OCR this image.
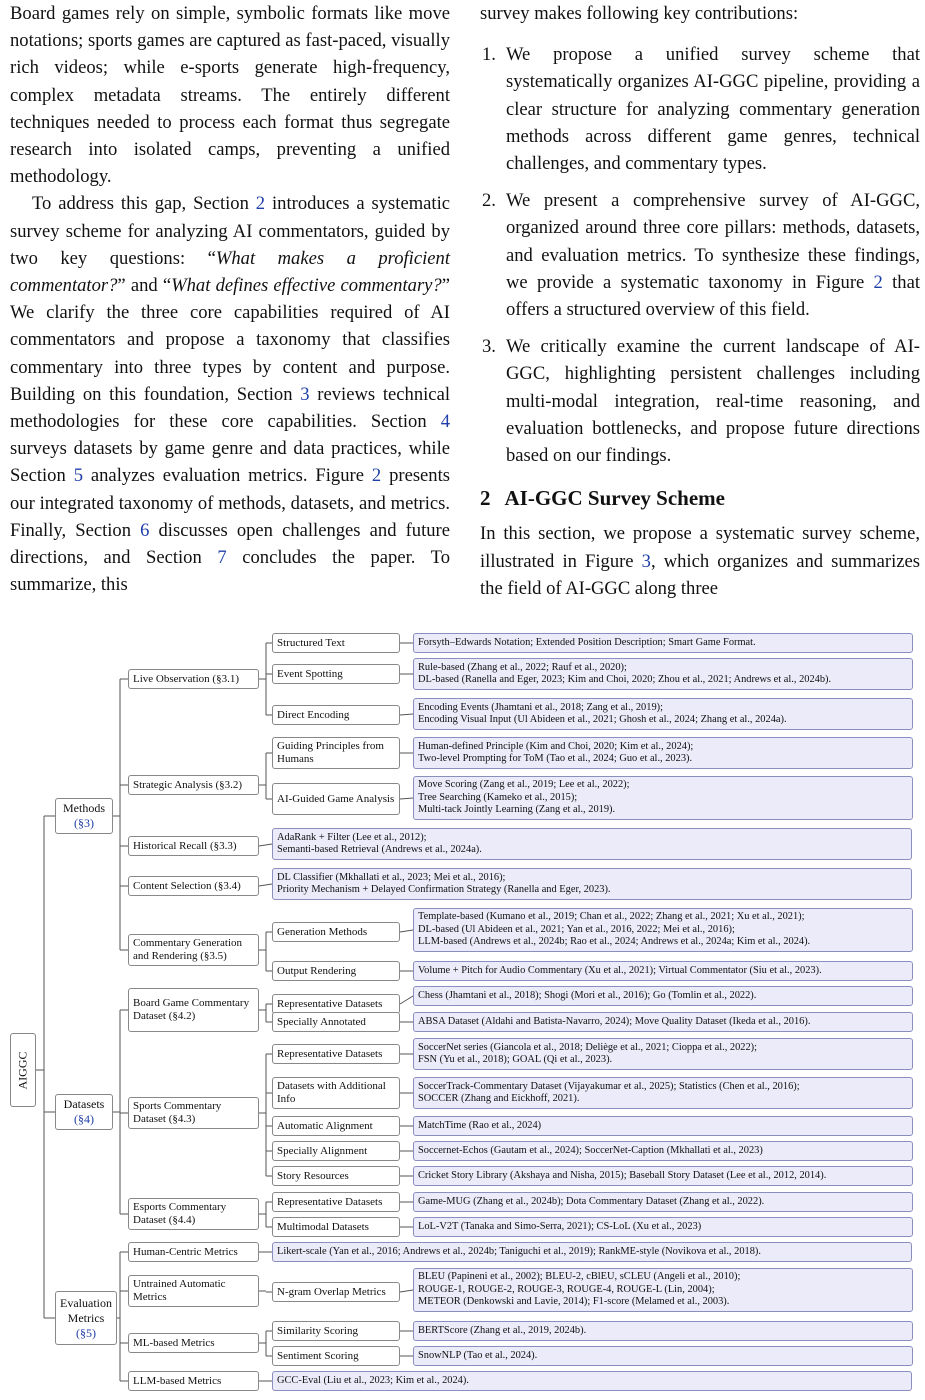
Board games rely on simple, symbolic formats like move notations; sports games are captured as fast-paced, visually rich videos; while e-sports generate high-frequency, complex metadata streams. The entirely different techniques needed to process each format thus segregate research into isolated camps, preventing a unified methodology.

To address this gap, Section 2 introduces a systematic survey scheme for analyzing AI commentators, guided by two key questions: “What makes a proficient commentator?” and “What defines effective commentary?” We clarify the three core capabilities required of AI commentators and propose a taxonomy that classifies commentary into three types by content and purpose. Building on this foundation, Section 3 reviews technical methodologies for these core capabilities. Section 4 surveys datasets by game genre and data practices, while Section 5 analyzes evaluation metrics. Figure 2 presents our integrated taxonomy of methods, datasets, and metrics. Finally, Section 6 discusses open challenges and future directions, and Section 7 concludes the paper. To summarize, this

survey makes following key contributions:

1. We propose a unified survey scheme that systematically organizes AI-GGC pipeline, providing a clear structure for analyzing commentary generation methods across different game genres, technical challenges, and commentary types.
2. We present a comprehensive survey of AI-GGC, organized around three core pillars: methods, datasets, and evaluation metrics. To synthesize these findings, we provide a systematic taxonomy in Figure 2 that offers a structured overview of this field.
3. We critically examine the current landscape of AI-GGC, highlighting persistent challenges including multi-modal integration, real-time reasoning, and evaluation bottlenecks, and propose future directions based on our findings.
2 AI-GGC Survey Scheme

In this section, we propose a systematic survey scheme, illustrated in Figure 3, which organizes and summarizes the field of AI-GGC along three

AIGGC
Methods
(§3)
Datasets
(§4)
Evaluation
Metrics
(§5)
Live Observation (§3.1)
Strategic Analysis (§3.2)
Historical Recall (§3.3)
Content Selection (§3.4)
Commentary Generation and Rendering (§3.5)
Board Game Commentary Dataset (§4.2)
Sports Commentary Dataset (§4.3)
Esports Commentary Dataset (§4.4)
Human-Centric Metrics
Untrained Automatic Metrics
ML-based Metrics
LLM-based Metrics
Structured Text
Event Spotting
Direct Encoding
Guiding Principles from Humans
AI-Guided Game Analysis
Generation Methods
Output Rendering
Representative Datasets
Specially Annotated
Representative Datasets
Datasets with Additional Info
Automatic Alignment
Specially Alignment
Story Resources
Representative Datasets
Multimodal Datasets
N-gram Overlap Metrics
Similarity Scoring
Sentiment Scoring
Forsyth–Edwards Notation; Extended Position Description; Smart Game Format.
Rule-based (Zhang et al., 2022; Rauf et al., 2020);
DL-based (Ranella and Eger, 2023; Kim and Choi, 2020; Zhou et al., 2021; Andrews et al., 2024b).
Encoding Events (Jhamtani et al., 2018; Zang et al., 2019);
Encoding Visual Input (Ul Abideen et al., 2021; Ghosh et al., 2024; Zhang et al., 2024a).
Human-defined Principle (Kim and Choi, 2020; Kim et al., 2024);
Two-level Prompting for ToM (Tao et al., 2024; Guo et al., 2023).
Move Scoring (Zang et al., 2019; Lee et al., 2022);
Tree Searching (Kameko et al., 2015);
Multi-tack Jointly Learning (Zang et al., 2019).
AdaRank + Filter (Lee et al., 2012);
Semanti-based Retrieval (Andrews et al., 2024a).
DL Classifier (Mkhallati et al., 2023; Mei et al., 2016);
Priority Mechanism + Delayed Confirmation Strategy (Ranella and Eger, 2023).
Template-based (Kumano et al., 2019; Chan et al., 2022; Zhang et al., 2021; Xu et al., 2021);
DL-based (Ul Abideen et al., 2021; Yan et al., 2016, 2022; Mei et al., 2016);
LLM-based (Andrews et al., 2024b; Rao et al., 2024; Andrews et al., 2024a; Kim et al., 2024).
Volume + Pitch for Audio Commentary (Xu et al., 2021); Virtual Commentator (Siu et al., 2023).
Chess (Jhamtani et al., 2018); Shogi (Mori et al., 2016); Go (Tomlin et al., 2022).
ABSA Dataset (Aldahi and Batista-Navarro, 2024); Move Quality Dataset (Ikeda et al., 2016).
SoccerNet series (Giancola et al., 2018; Deliège et al., 2021; Cioppa et al., 2022);
FSN (Yu et al., 2018); GOAL (Qi et al., 2023).
SoccerTrack-Commentary Dataset (Vijayakumar et al., 2025); Statistics (Chen et al., 2016);
SOCCER (Zhang and Eickhoff, 2021).
MatchTime (Rao et al., 2024)
Soccernet-Echos (Gautam et al., 2024); SoccerNet-Caption (Mkhallati et al., 2023)
Cricket Story Library (Akshaya and Nisha, 2015); Baseball Story Dataset (Lee et al., 2012, 2014).
Game-MUG (Zhang et al., 2024b); Dota Commentary Dataset (Zhang et al., 2022).
LoL-V2T (Tanaka and Simo-Serra, 2021); CS-LoL (Xu et al., 2023)
Likert-scale (Yan et al., 2016; Andrews et al., 2024b; Taniguchi et al., 2019); RankME-style (Novikova et al., 2018).
BLEU (Papineni et al., 2002); BLEU-2, cBlEU, sCLEU (Angeli et al., 2010);
ROUGE-1, ROUGE-2, ROUGE-3, ROUGE-4, ROUGE-L (Lin, 2004);
METEOR (Denkowski and Lavie, 2014); F1-score (Melamed et al., 2003).
BERTScore (Zhang et al., 2019, 2024b).
SnowNLP (Tao et al., 2024).
GCC-Eval (Liu et al., 2023; Kim et al., 2024).
